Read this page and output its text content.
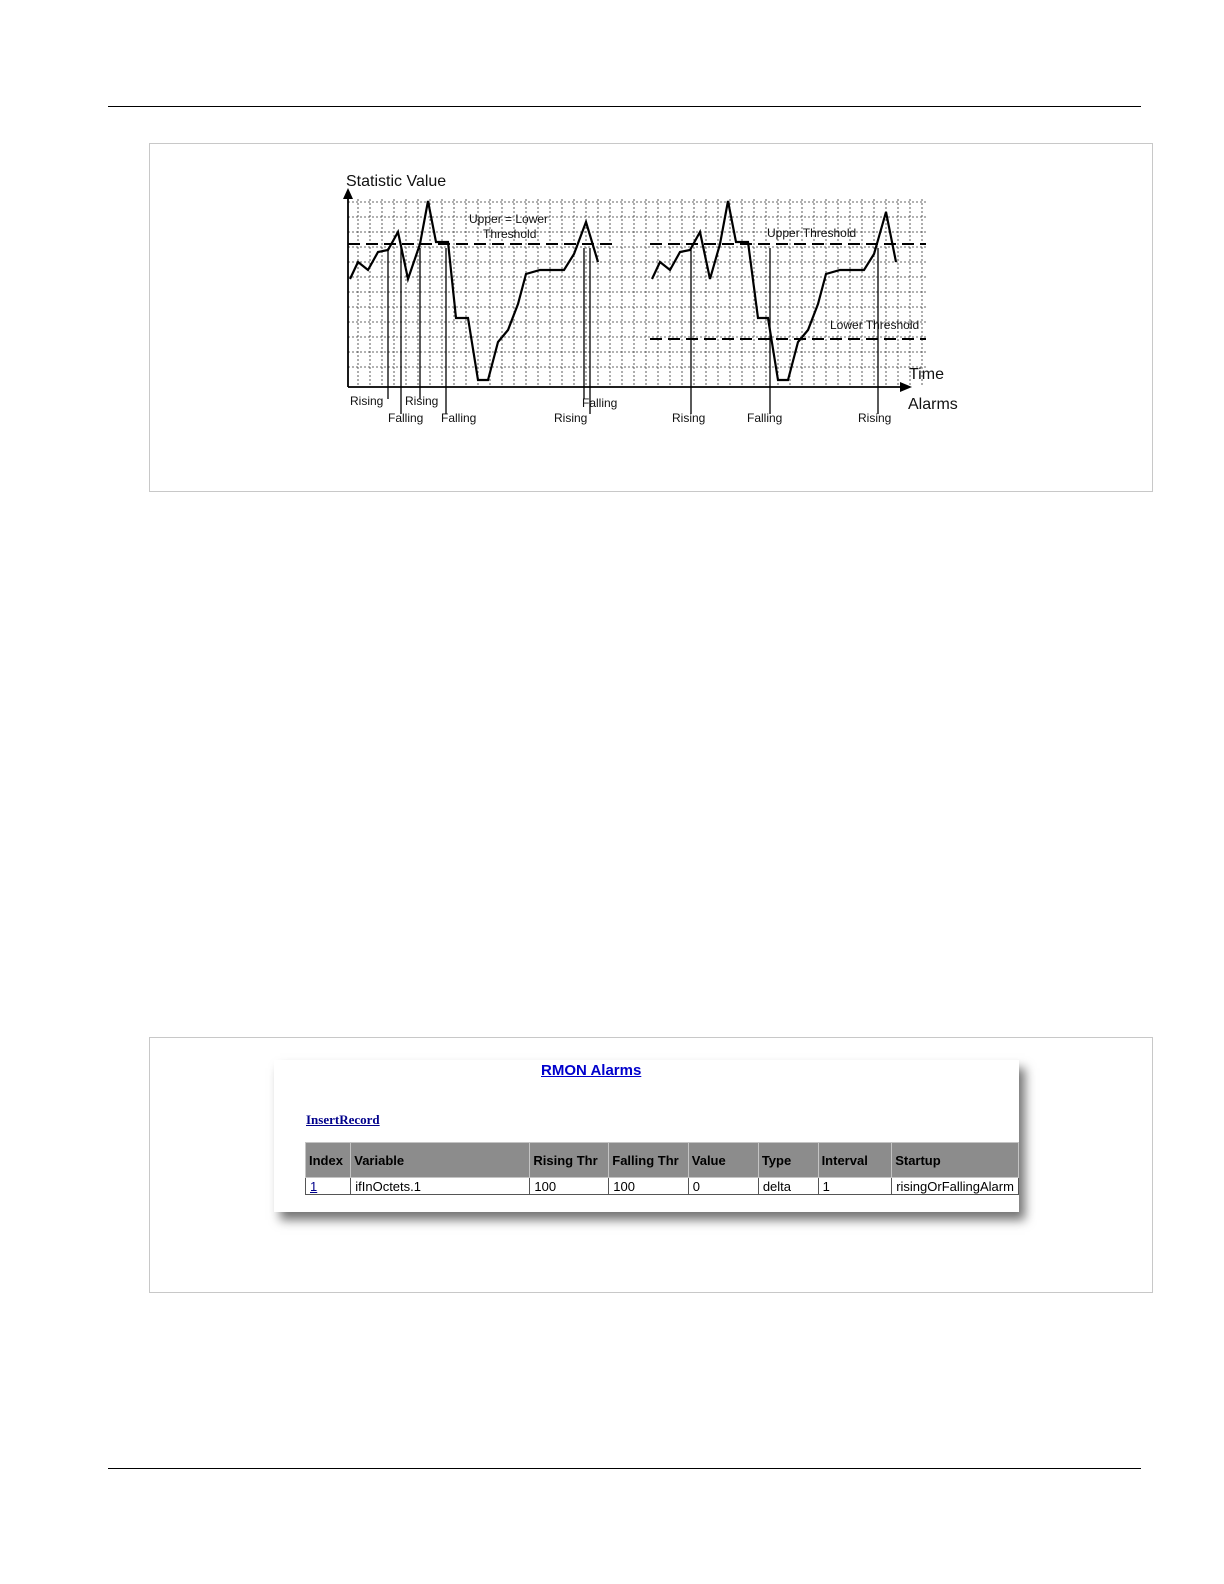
Statistic Value
Time
Alarms
Upper = Lower
Threshold	Upper Threshold
Lower Threshold
Rising
Falling
Rising
Falling	Rising
Falling
Rising	Falling	Rising
RMON Alarms
InsertRecord
Index	Variable	Rising Thr	Falling Thr	Value	Type	Interval	Startup
1	ifInOctets.1	100	100	0	delta	1	risingOrFallingAlarm
